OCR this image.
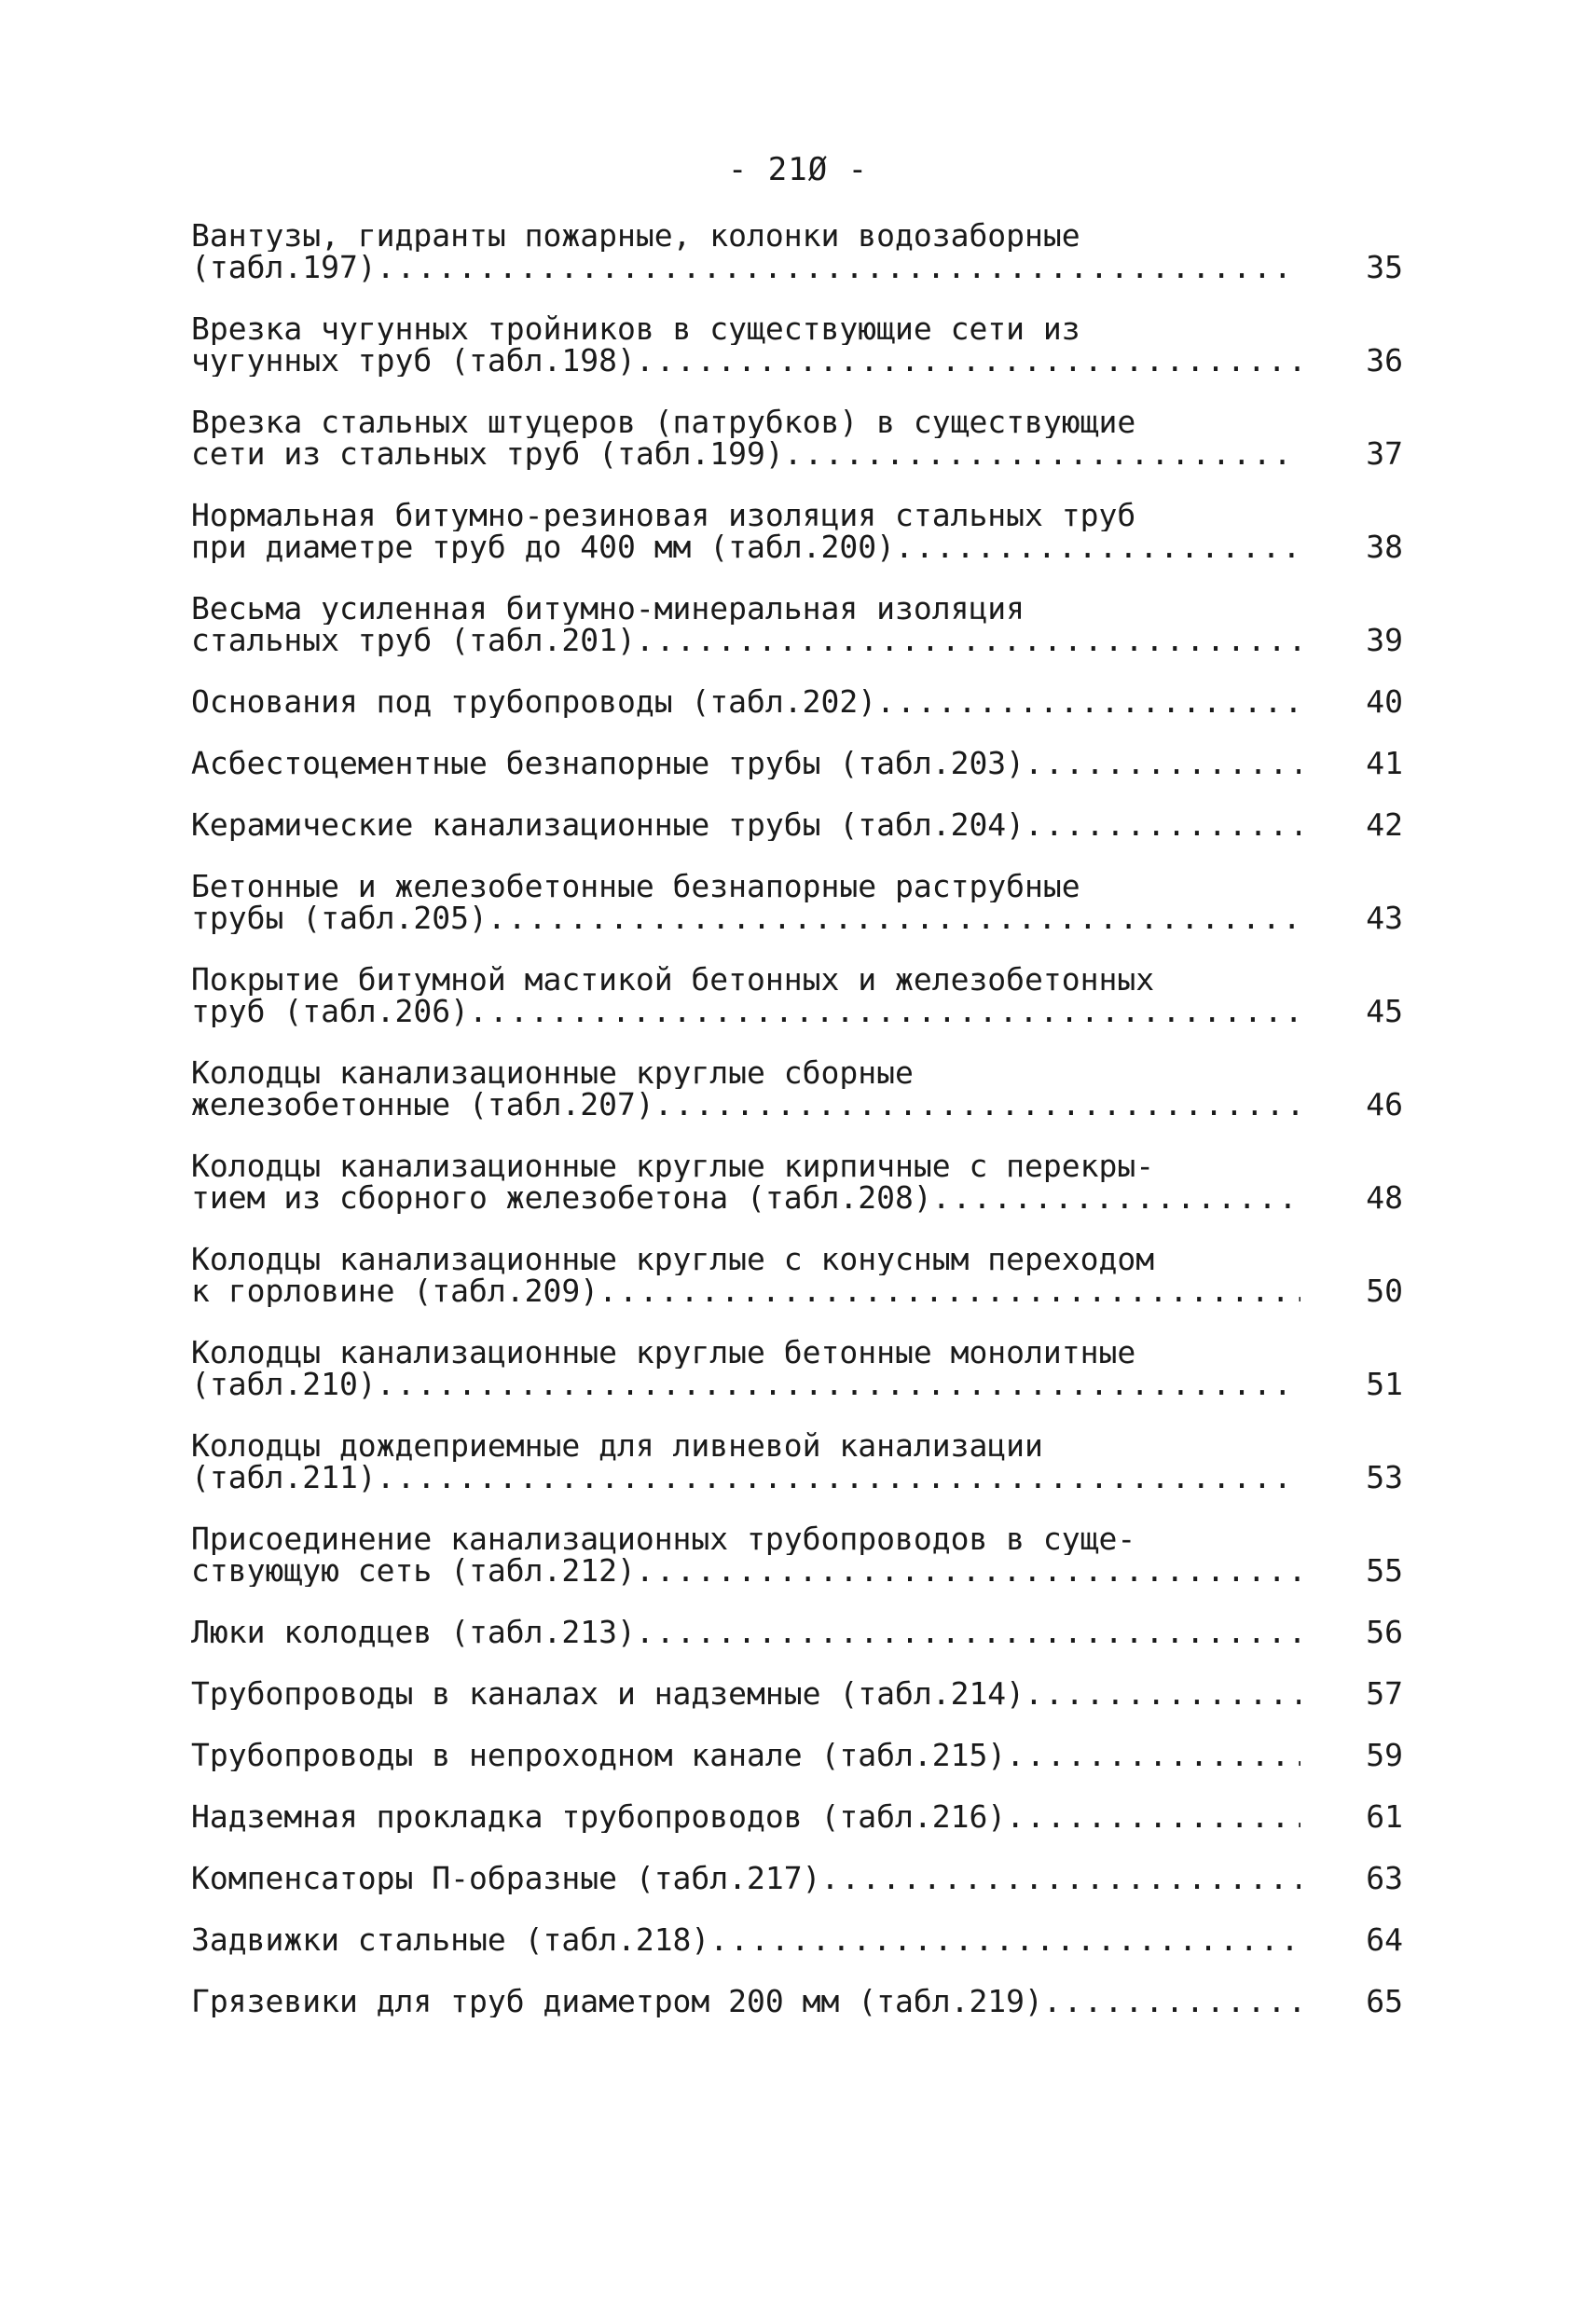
- 21Ø -
Вантузы, гидранты пожарные, колонки водозаборные
(табл.197) .....	35
Врезка чугунных тройников в существующие сети из
чугунных труб (табл.198) .....	36
Врезка стальных штуцеров (патрубков) в существующие
сети из стальных труб (табл.199) .....	37
Нормальная битумно-резиновая изоляция стальных труб
при диаметре труб до 400 мм (табл.200) .....	38
Весьма усиленная битумно-минеральная изоляция
стальных труб (табл.201) .....	39
Основания под трубопроводы (табл.202) .....	40
Асбестоцементные безнапорные трубы (табл.203) .....	41
Керамические канализационные трубы (табл.204) .....	42
Бетонные и железобетонные безнапорные раструбные
трубы (табл.205) .....	43
Покрытие битумной мастикой бетонных и железобетонных
труб (табл.206) .....	45
Колодцы канализационные круглые сборные
железобетонные (табл.207) .....	46
Колодцы канализационные круглые кирпичные с перекры-
тием из сборного железобетона (табл.208) .....	48
Колодцы канализационные круглые с конусным переходом
к горловине (табл.209) .....	50
Колодцы канализационные круглые бетонные монолитные
(табл.210) .....	51
Колодцы дождеприемные для ливневой канализации
(табл.211) .....	53
Присоединение канализационных трубопроводов в суще-
ствующую сеть (табл.212) .....	55
Люки колодцев (табл.213) .....	56
Трубопроводы в каналах и надземные (табл.214) .....	57
Трубопроводы в непроходном канале (табл.215) .....	59
Надземная прокладка трубопроводов (табл.216) .....	61
Компенсаторы П-образные (табл.217) .....	63
Задвижки стальные (табл.218) .....	64
Грязевики для труб диаметром 200 мм (табл.219) .....	65
